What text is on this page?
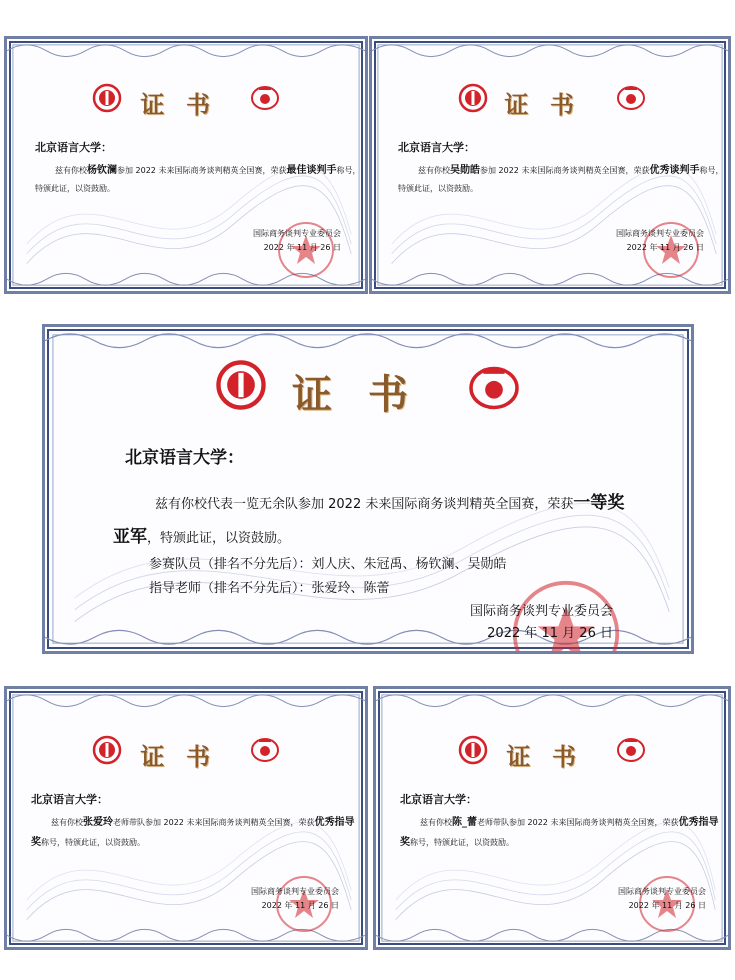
证书
北京语言大学：
兹有你校杨钦澜参加 2022 未来国际商务谈判精英全国赛，荣获最佳谈判手称号，
特颁此证，以资鼓励。
国际商务谈判专业委员会
2022 年 11 月 26 日
证书
北京语言大学：
兹有你校吴勋皓参加 2022 未来国际商务谈判精英全国赛，荣获优秀谈判手称号，
特颁此证，以资鼓励。
国际商务谈判专业委员会
2022 年 11 月 26 日
证书
北京语言大学：
兹有你校代表一览无余队参加 2022 未来国际商务谈判精英全国赛，荣获一等奖
亚军，特颁此证，以资鼓励。
参赛队员（排名不分先后）：刘人庆、朱冠禹、杨钦澜、吴勋皓
指导老师（排名不分先后）：张爱玲、陈蕾
国际商务谈判专业委员会
2022 年 11 月 26 日
证书
北京语言大学：
兹有你校张爱玲老师带队参加 2022 未来国际商务谈判精英全国赛，荣获优秀指导
奖称号，特颁此证，以资鼓励。
国际商务谈判专业委员会
2022 年 11 月 26 日
证书
北京语言大学：
兹有你校陈_蕾老师带队参加 2022 未来国际商务谈判精英全国赛，荣获优秀指导
奖称号，特颁此证，以资鼓励。
国际商务谈判专业委员会
2022 年 11 月 26 日
